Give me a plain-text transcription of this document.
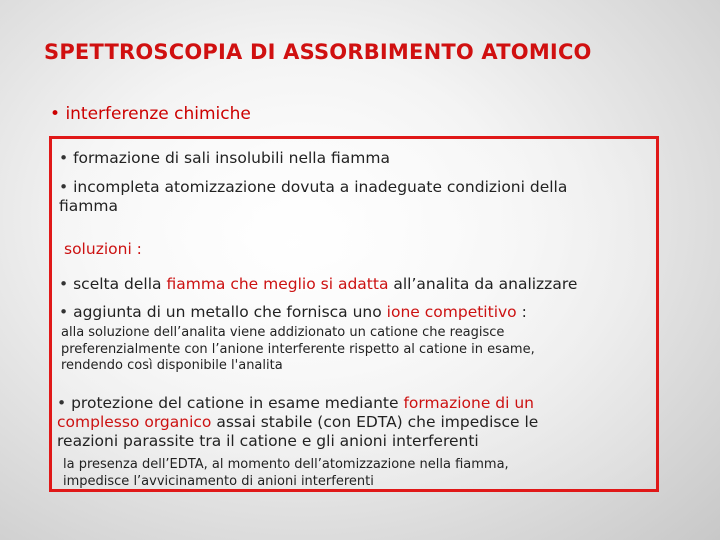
SPETTROSCOPIA DI ASSORBIMENTO ATOMICO
• interferenze chimiche
• formazione di sali insolubili nella fiamma
• incompleta atomizzazione dovuta a inadeguate condizioni della
fiamma
soluzioni :
• scelta della fiamma che meglio si adatta all’analita da analizzare
• aggiunta di un metallo che fornisca uno ione competitivo :
alla soluzione dell’analita viene addizionato un catione che reagisce
preferenzialmente con l’anione interferente rispetto al catione in esame,
rendendo così disponibile l'analita
• protezione del catione in esame mediante formazione di un
complesso organico assai stabile (con EDTA) che impedisce le
reazioni parassite tra il catione e gli anioni interferenti
la presenza dell’EDTA, al momento dell’atomizzazione nella fiamma,
impedisce l’avvicinamento di anioni interferenti
